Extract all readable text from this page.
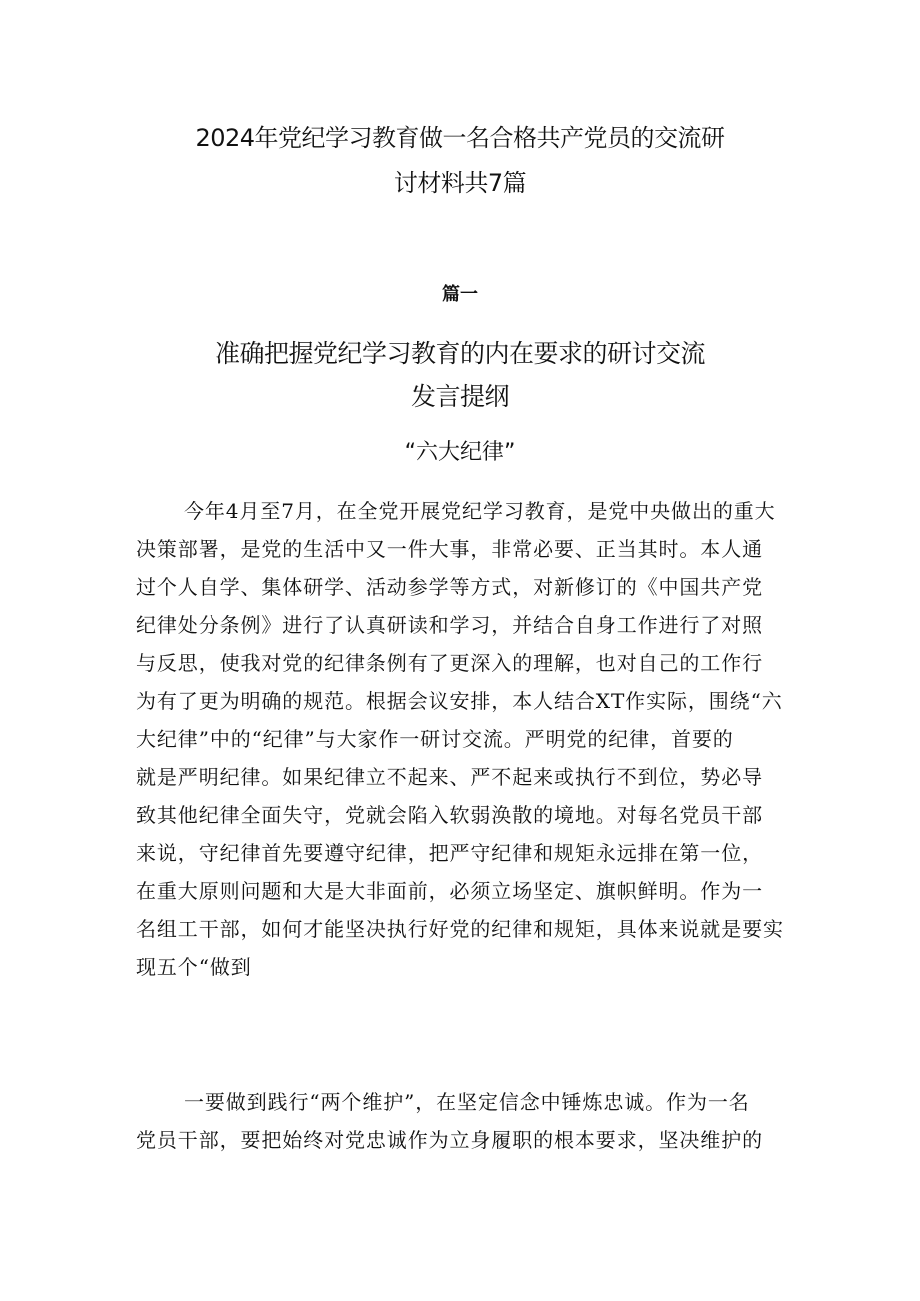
2024年党纪学习教育做一名合格共产党员的交流研
讨材料共7篇
篇一
准确把握党纪学习教育的内在要求的研讨交流
发言提纲
“六大纪律”
今年4月至7月，在全党开展党纪学习教育，是党中央做出的重大
决策部署，是党的生活中又一件大事，非常必要、正当其时。本人通
过个人自学、集体研学、活动参学等方式，对新修订的《中国共产党
纪律处分条例》进行了认真研读和学习，并结合自身工作进行了对照
与反思，使我对党的纪律条例有了更深入的理解，也对自己的工作行
为有了更为明确的规范。根据会议安排，本人结合XT作实际，围绕“六
大纪律”中的“纪律”与大家作一研讨交流。严明党的纪律，首要的
就是严明纪律。如果纪律立不起来、严不起来或执行不到位，势必导
致其他纪律全面失守，党就会陷入软弱涣散的境地。对每名党员干部
来说，守纪律首先要遵守纪律，把严守纪律和规矩永远排在第一位，
在重大原则问题和大是大非面前，必须立场坚定、旗帜鲜明。作为一
名组工干部，如何才能坚决执行好党的纪律和规矩，具体来说就是要实
现五个“做到
一要做到践行“两个维护”，在坚定信念中锤炼忠诚。作为一名
党员干部，要把始终对党忠诚作为立身履职的根本要求，坚决维护的
